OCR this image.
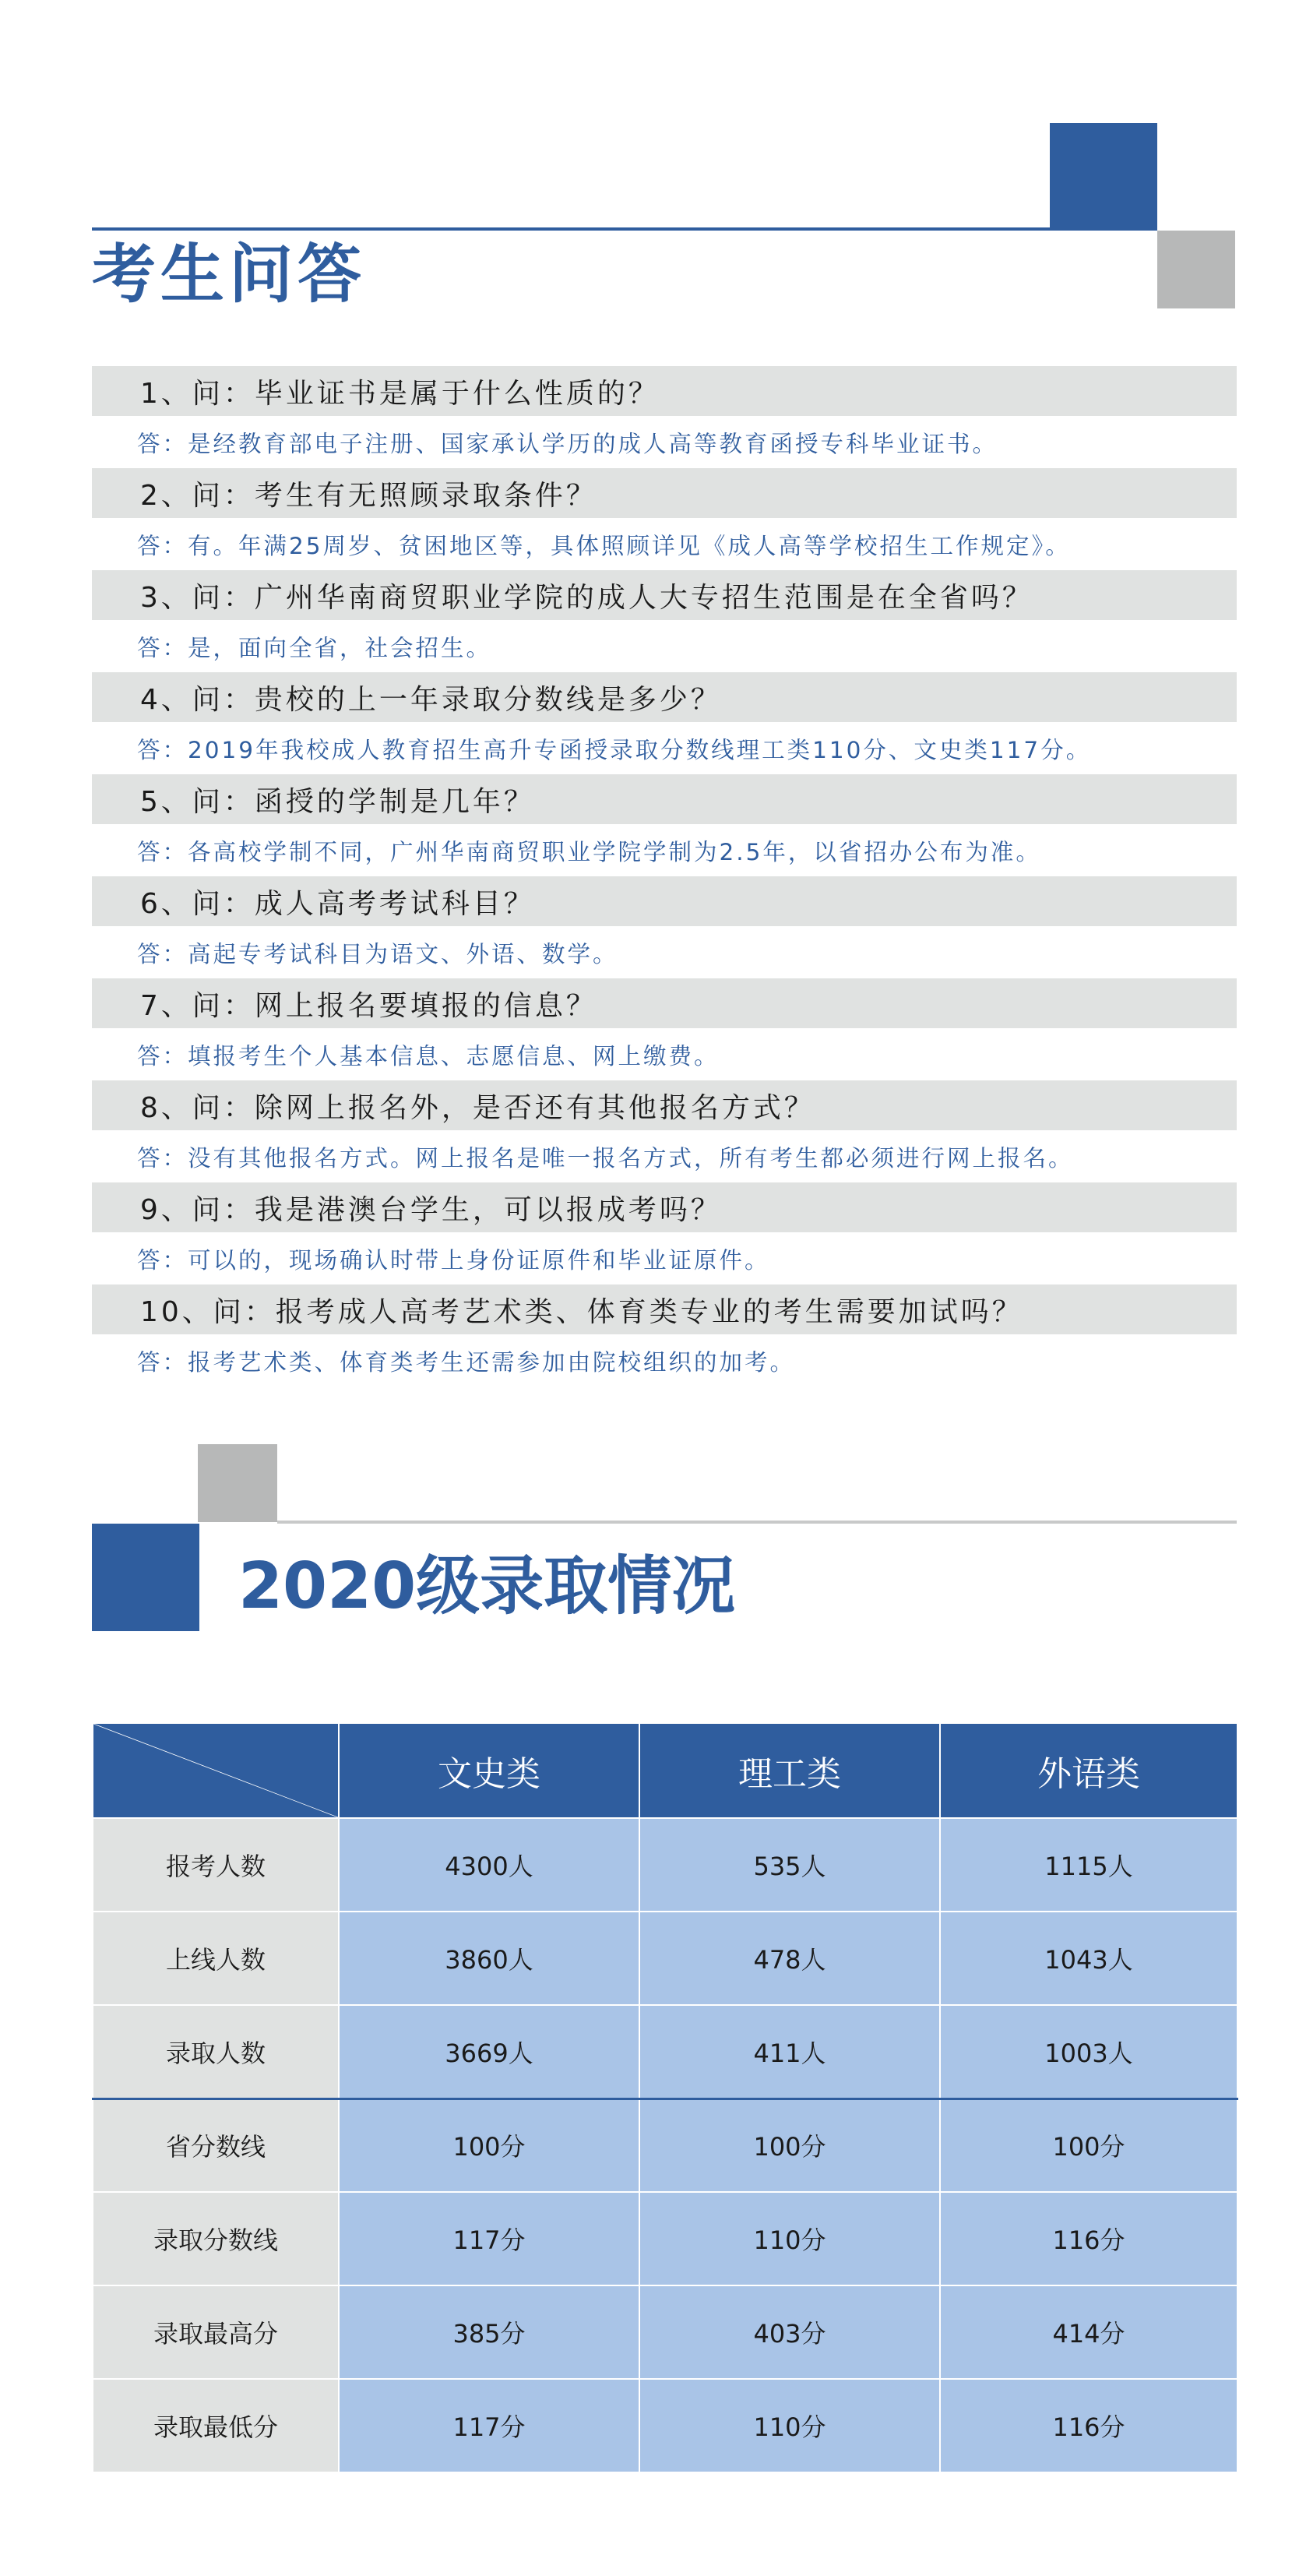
考生问答
1、问：毕业证书是属于什么性质的？
答：是经教育部电子注册、国家承认学历的成人高等教育函授专科毕业证书。
2、问：考生有无照顾录取条件？
答：有。年满25周岁、贫困地区等，具体照顾详见《成人高等学校招生工作规定》。
3、问：广州华南商贸职业学院的成人大专招生范围是在全省吗？
答：是，面向全省，社会招生。
4、问：贵校的上一年录取分数线是多少？
答：2019年我校成人教育招生高升专函授录取分数线理工类110分、文史类117分。
5、问：函授的学制是几年？
答：各高校学制不同，广州华南商贸职业学院学制为2.5年，以省招办公布为准。
6、问：成人高考考试科目？
答：高起专考试科目为语文、外语、数学。
7、问：网上报名要填报的信息？
答：填报考生个人基本信息、志愿信息、网上缴费。
8、问：除网上报名外，是否还有其他报名方式？
答：没有其他报名方式。网上报名是唯一报名方式，所有考生都必须进行网上报名。
9、问：我是港澳台学生，可以报成考吗？
答：可以的，现场确认时带上身份证原件和毕业证原件。
10、问：报考成人高考艺术类、体育类专业的考生需要加试吗？
答：报考艺术类、体育类考生还需参加由院校组织的加考。
2020级录取情况
	文史类	理工类	外语类
报考人数	4300人	535人	1115人
上线人数	3860人	478人	1043人
录取人数	3669人	411人	1003人
省分数线	100分	100分	100分
录取分数线	117分	110分	116分
录取最高分	385分	403分	414分
录取最低分	117分	110分	116分
